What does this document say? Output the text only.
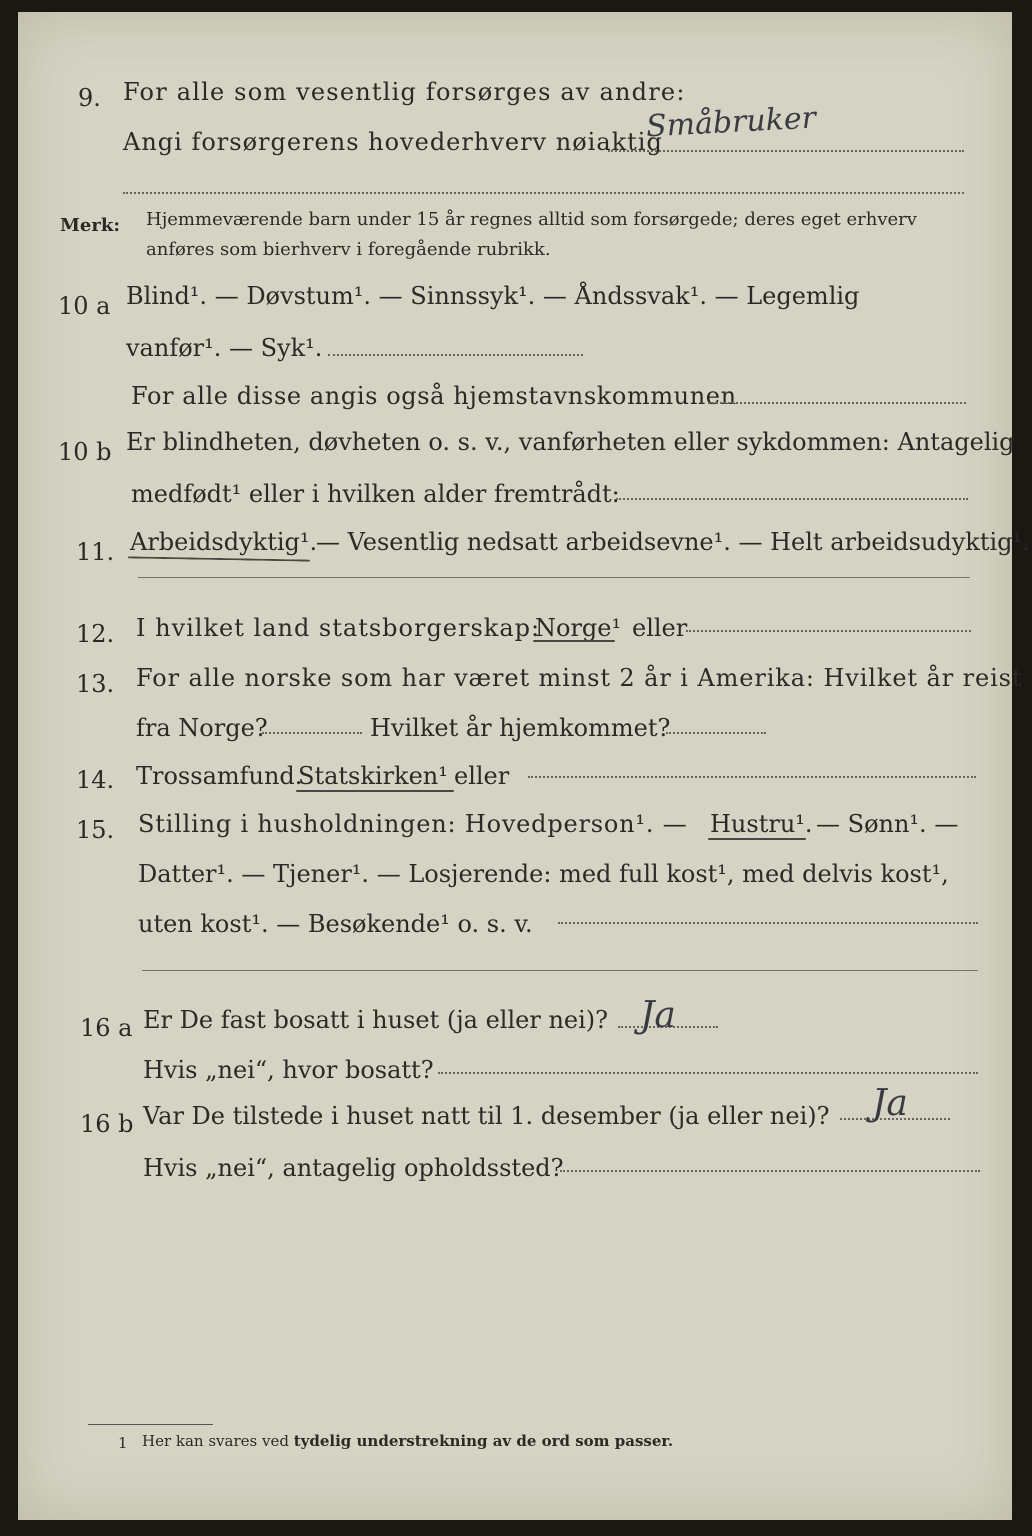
9. For alle som vesentlig forsørges av andre:
Angi forsørgerens hovederhverv nøiaktig
Småbruker
Merk: Hjemmeværende barn under 15 år regnes alltid som forsørgede; deres eget erhverv
anføres som bierhverv i foregående rubrikk.
10 a Blind¹. — Døvstum¹. — Sinnssyk¹. — Åndssvak¹. — Legemlig
vanfør¹. — Syk¹.
For alle disse angis også hjemstavnskommunen
10 b Er blindheten, døvheten o. s. v., vanførheten eller sykdommen: Antagelig
medfødt¹ eller i hvilken alder fremtrådt:
11. Arbeidsdyktig¹.
— Vesentlig nedsatt arbeidsevne¹. — Helt arbeidsudyktig¹.
12. I hvilket land statsborgerskap:
Norge¹ eller
13. For alle norske som har været minst 2 år i Amerika: Hvilket år reist
fra Norge?	Hvilket år hjemkommet?
14. Trossamfund.
Statskirken¹ eller
15. Stilling i husholdningen: Hovedperson¹. — Hustru¹. — Sønn¹. —
Datter¹. — Tjener¹. — Losjerende: med full kost¹, med delvis kost¹,
uten kost¹. — Besøkende¹ o. s. v.
16 a Er De fast bosatt i huset (ja eller nei)? Ja
Hvis „nei“, hvor bosatt?
16 b Var De tilstede i huset natt til 1. desember (ja eller nei)? Ja
Hvis „nei“, antagelig opholdssted?
1 Her kan svares ved tydelig understrekning av de ord som passer.
